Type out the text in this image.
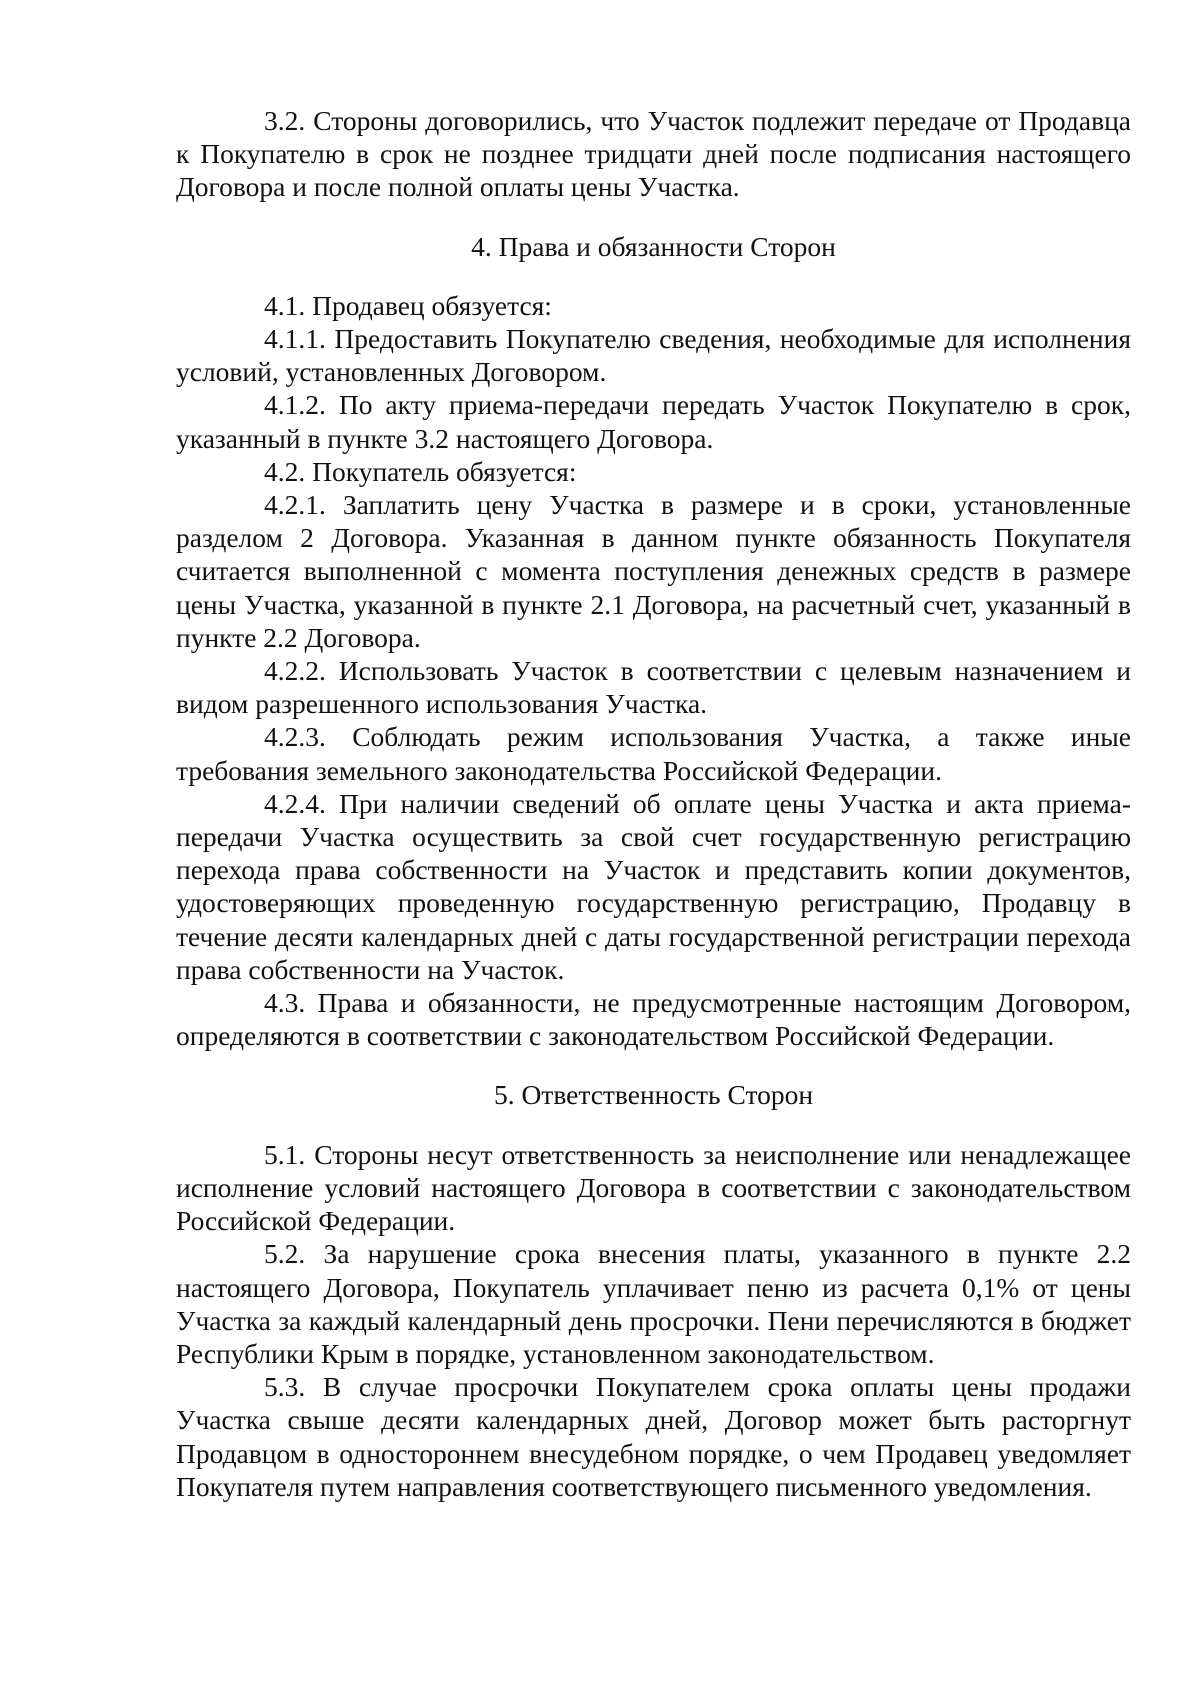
3.2. Стороны договорились, что Участок подлежит передаче от Продавца к Покупателю в срок не позднее тридцати дней после подписания настоящего Договора и после полной оплаты цены Участка.

4. Права и обязанности Сторон

4.1. Продавец обязуется:

4.1.1. Предоставить Покупателю сведения, необходимые для исполнения условий, установленных Договором.

4.1.2. По акту приема-передачи передать Участок Покупателю в срок, указанный в пункте 3.2 настоящего Договора.

4.2. Покупатель обязуется:

4.2.1. Заплатить цену Участка в размере и в сроки, установленные разделом 2 Договора. Указанная в данном пункте обязанность Покупателя считается выполненной с момента поступления денежных средств в размере цены Участка, указанной в пункте 2.1 Договора, на расчетный счет, указанный в пункте 2.2 Договора.

4.2.2. Использовать Участок в соответствии с целевым назначением и видом разрешенного использования Участка.

4.2.3. Соблюдать режим использования Участка, а также иные требования земельного законодательства Российской Федерации.

4.2.4. При наличии сведений об оплате цены Участка и акта приема-передачи Участка осуществить за свой счет государственную регистрацию перехода права собственности на Участок и представить копии документов, удостоверяющих проведенную государственную регистрацию, Продавцу в течение десяти календарных дней с даты государственной регистрации перехода права собственности на Участок.

4.3. Права и обязанности, не предусмотренные настоящим Договором, определяются в соответствии с законодательством Российской Федерации.

5. Ответственность Сторон

5.1. Стороны несут ответственность за неисполнение или ненадлежащее исполнение условий настоящего Договора в соответствии с законодательством Российской Федерации.

5.2. За нарушение срока внесения платы, указанного в пункте 2.2 настоящего Договора, Покупатель уплачивает пеню из расчета 0,1% от цены Участка за каждый календарный день просрочки. Пени перечисляются в бюджет Республики Крым в порядке, установленном законодательством.

5.3. В случае просрочки Покупателем срока оплаты цены продажи Участка свыше десяти календарных дней, Договор может быть расторгнут Продавцом в одностороннем внесудебном порядке, о чем Продавец уведомляет Покупателя путем направления соответствующего письменного уведомления.
